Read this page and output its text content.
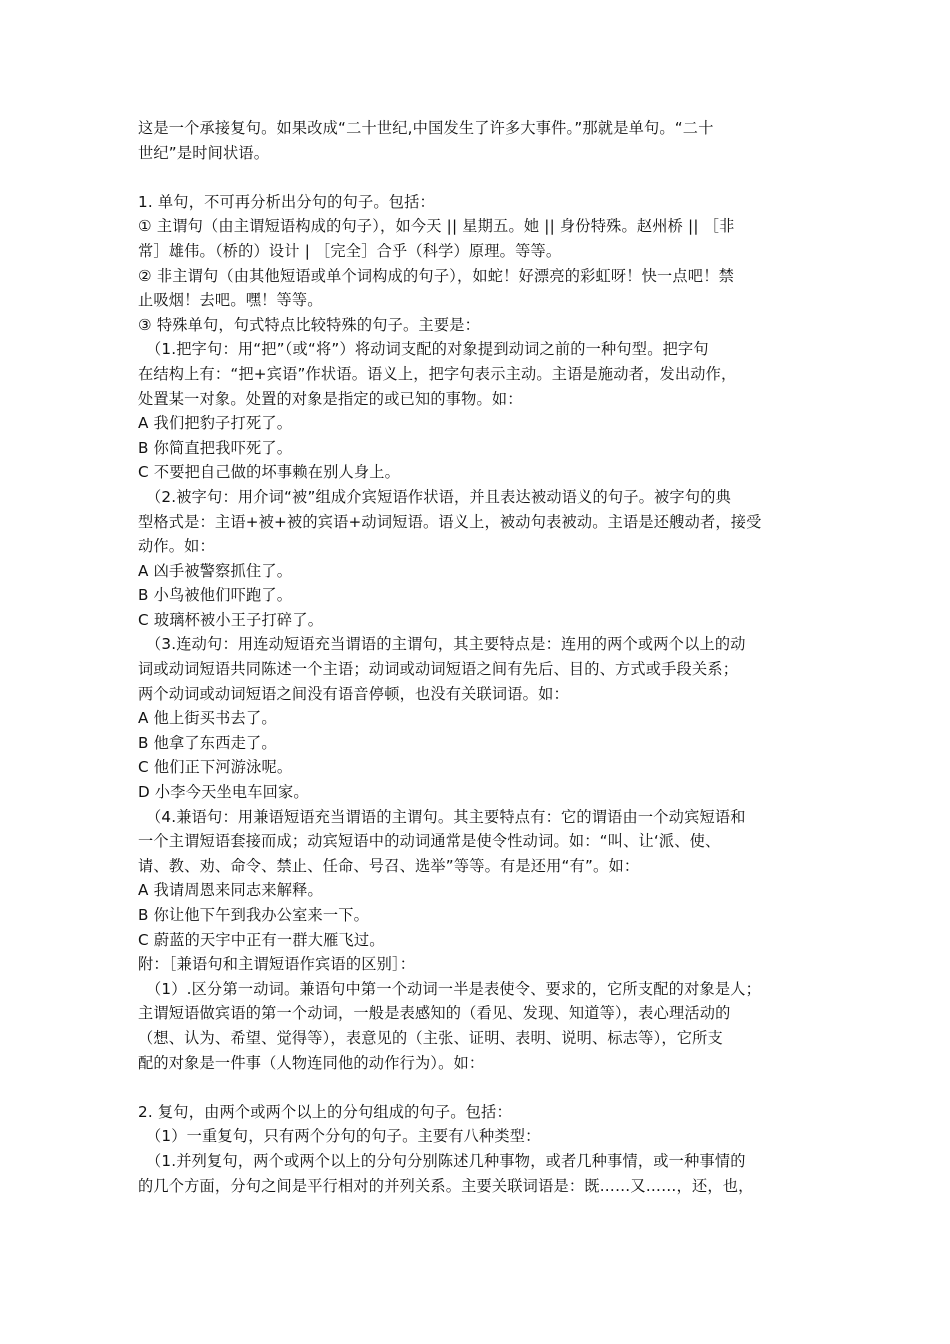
这是一个承接复句。如果改成“二十世纪,中国发生了许多大事件。”那就是单句。“二十
世纪”是时间状语。
1. 单句，不可再分析出分句的句子。包括：
① 主谓句（由主谓短语构成的句子），如今天 || 星期五。她 || 身份特殊。赵州桥 || ［非
常］雄伟。（桥的）设计 | ［完全］合乎（科学）原理。等等。
② 非主谓句（由其他短语或单个词构成的句子），如蛇！好漂亮的彩虹呀！快一点吧！禁
止吸烟！去吧。嘿！等等。
③ 特殊单句，句式特点比较特殊的句子。主要是：
（1.把字句：用“把”（或“将”）将动词支配的对象提到动词之前的一种句型。把字句
在结构上有：“把+宾语”作状语。语义上，把字句表示主动。主语是施动者，发出动作，
处置某一对象。处置的对象是指定的或已知的事物。如：
A 我们把豹子打死了。
B 你简直把我吓死了。
C 不要把自己做的坏事赖在别人身上。
（2.被字句：用介词“被”组成介宾短语作状语，并且表达被动语义的句子。被字句的典
型格式是：主语+被+被的宾语+动词短语。语义上，被动句表被动。主语是还艘动者，接受
动作。如：
A 凶手被警察抓住了。
B 小鸟被他们吓跑了。
C 玻璃杯被小王子打碎了。
（3.连动句：用连动短语充当谓语的主谓句，其主要特点是：连用的两个或两个以上的动
词或动词短语共同陈述一个主语；动词或动词短语之间有先后、目的、方式或手段关系；
两个动词或动词短语之间没有语音停顿，也没有关联词语。如：
A 他上街买书去了。
B 他拿了东西走了。
C 他们正下河游泳呢。
D 小李今天坐电车回家。
（4.兼语句：用兼语短语充当谓语的主谓句。其主要特点有：它的谓语由一个动宾短语和
一个主谓短语套接而成；动宾短语中的动词通常是使令性动词。如：“叫、让‘派、使、
请、教、劝、命令、禁止、任命、号召、选举”等等。有是还用“有”。如：
A 我请周恩来同志来解释。
B 你让他下午到我办公室来一下。
C 蔚蓝的天宇中正有一群大雁飞过。
附：［兼语句和主谓短语作宾语的区别］：
（1）.区分第一动词。兼语句中第一个动词一半是表使令、要求的，它所支配的对象是人；
主谓短语做宾语的第一个动词，一般是表感知的（看见、发现、知道等），表心理活动的
（想、认为、希望、觉得等），表意见的（主张、证明、表明、说明、标志等），它所支
配的对象是一件事（人物连同他的动作行为）。如：
2. 复句，由两个或两个以上的分句组成的句子。包括：
（1）一重复句，只有两个分句的句子。主要有八种类型：
（1.并列复句，两个或两个以上的分句分别陈述几种事物，或者几种事情，或一种事情的
的几个方面，分句之间是平行相对的并列关系。主要关联词语是：既……又……，还，也，
